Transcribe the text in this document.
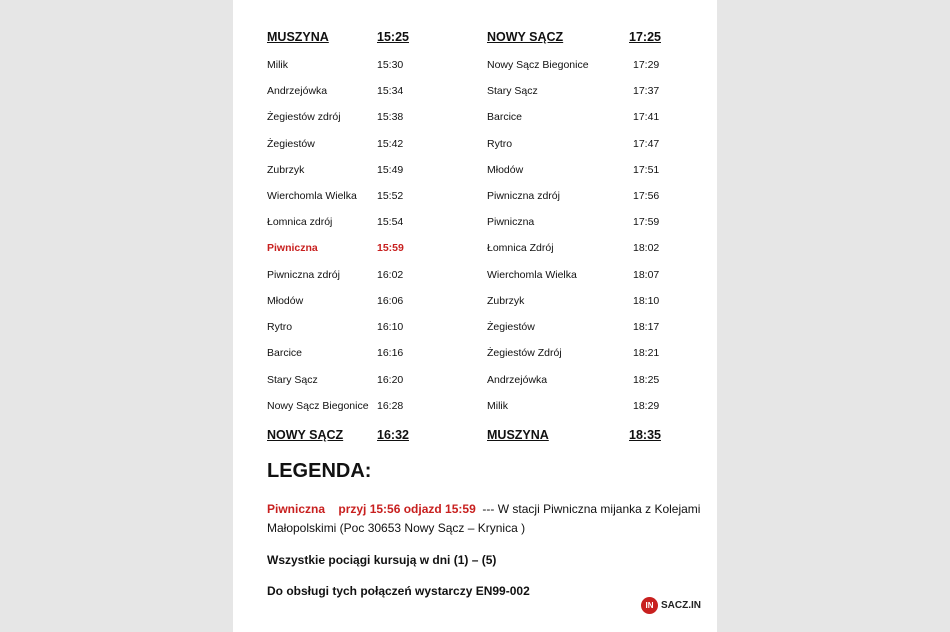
MUSZYNA	15:25
Milik	15:30
Andrzejówka	15:34
Żegiestów zdrój	15:38
Żegiestów	15:42
Zubrzyk	15:49
Wierchomla Wielka 15:52
Łomnica zdrój	15:54
Piwniczna	15:59
Piwniczna zdrój	16:02
Młodów	16:06
Rytro	16:10
Barcice	16:16
Stary Sącz	16:20
Nowy Sącz Biegonice 16:28
NOWY SĄCZ	16:32
NOWY SĄCZ	17:25
Nowy Sącz Biegonice	17:29
Stary Sącz	17:37
Barcice	17:41
Rytro	17:47
Młodów	17:51
Piwniczna zdrój	17:56
Piwniczna	17:59
Łomnica Zdrój	18:02
Wierchomla Wielka	18:07
Zubrzyk	18:10
Żegiestów	18:17
Żegiestów Zdrój	18:21
Andrzejówka	18:25
Milik	18:29
MUSZYNA	18:35
LEGENDA:
Piwniczna przyj 15:56 odjazd 15:59 --- W stacji Piwniczna mijanka z Kolejami Małopolskimi (Poc 30653 Nowy Sącz – Krynica )
Wszystkie pociągi kursują w dni (1) – (5)
Do obsługi tych połączeń wystarczy EN99-002
IN SACZ.IN
